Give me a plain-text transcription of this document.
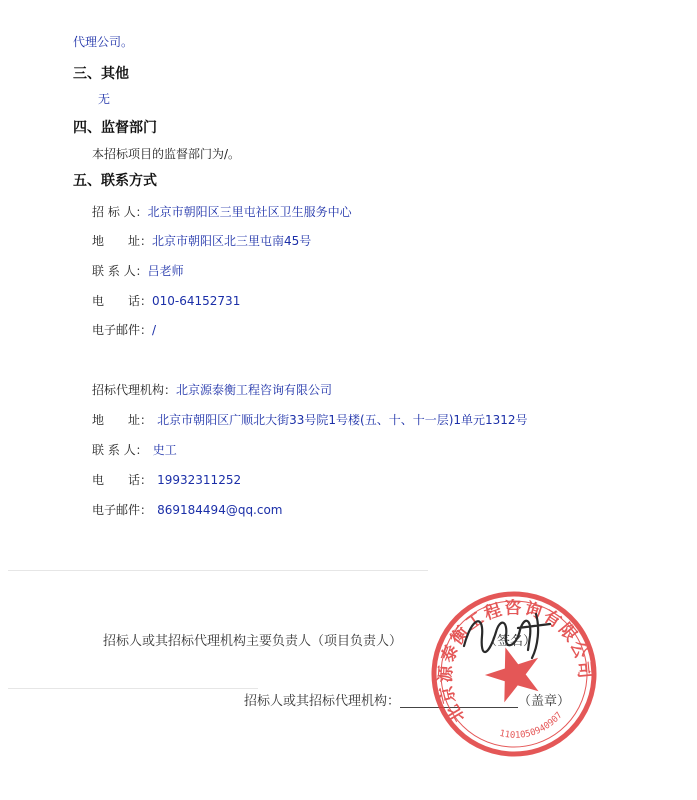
代理公司。
三、其他
无
四、监督部门
本招标项目的监督部门为/。
五、联系方式
招 标 人：北京市朝阳区三里屯社区卫生服务中心
地　　址：北京市朝阳区北三里屯南45号
联 系 人：吕老师
电　　话：010-64152731
电子邮件：/
招标代理机构：北京源泰衡工程咨询有限公司
地　　址： 北京市朝阳区广顺北大街33号院1号楼(五、十、十一层)1单元1312号
联 系 人： 史工
电　　话： 19932311252
电子邮件： 869184494@qq.com
招标人或其招标代理机构主要负责人（项目负责人）	（签名）
招标人或其招标代理机构：	（盖章）
北京源泰衡工程咨询有限公司
1101050940907
